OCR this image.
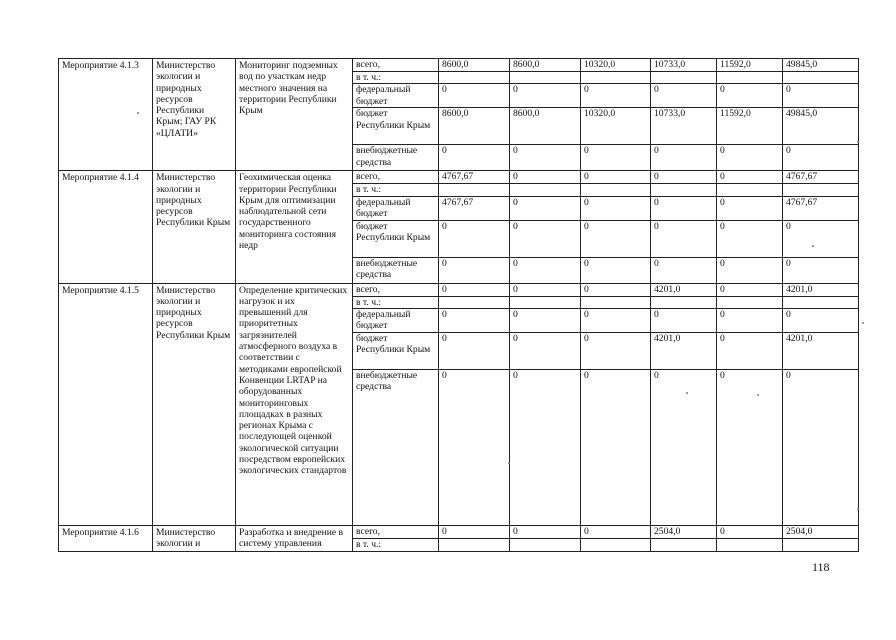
Мероприятие 4.1.3	Министерство экологии и природных ресурсов Республики Крым; ГАУ РК «ЦЛАТИ»	Мониторинг подземных вод по участкам недр местного значения на территории Республики Крым	всего,	8600,0	8600,0	10320,0	10733,0	11592,0	49845,0
			в т. ч.:						
			федеральный бюджет	0	0	0	0	0	0
			бюджет Республики Крым	8600,0	8600,0	10320,0	10733,0	11592,0	49845,0
			внебюджетные средства	0	0	0	0	0	0
Мероприятие 4.1.4	Министерство экологии и природных ресурсов Республики Крым	Геохимическая оценка территории Республики Крым для оптимизации наблюдательной сети государственного мониторинга состояния недр	всего,	4767,67	0	0	0	0	4767,67
			в т. ч.:						
			федеральный бюджет	4767,67	0	0	0	0	4767,67
			бюджет Республики Крым	0	0	0	0	0	0
			внебюджетные средства	0	0	0	0	0	0
Мероприятие 4.1.5	Министерство экологии и природных ресурсов Республики Крым	Определение критических нагрузок и их превышений для приоритетных загрязнителей атмосферного воздуха в соответствии с методиками европейской Конвенции LRTAP на оборудованных мониторинговых площадках в разных регионах Крыма с последующей оценкой экологической ситуации посредством европейских экологических стандартов	всего,	0	0	0	4201,0	0	4201,0
			в т. ч.:						
			федеральный бюджет	0	0	0	0	0	0
			бюджет Республики Крым	0	0	0	4201,0	0	4201,0
			внебюджетные средства	0	0	0	0	0	0
Мероприятие 4.1.6	Министерство экологии и	Разработка и внедрение в систему управления	всего,	0	0	0	2504,0	0	2504,0
			в т. ч.:						
118
